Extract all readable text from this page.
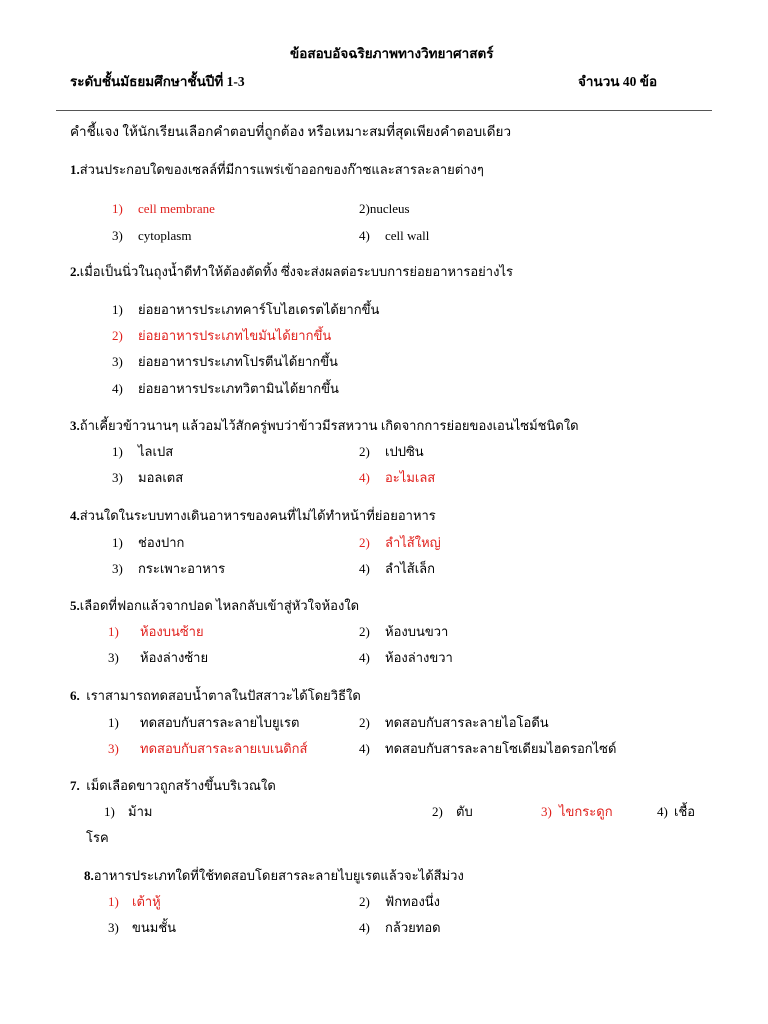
ข้อสอบอัจฉริยภาพทางวิทยาศาสตร์
ระดับชั้นมัธยมศึกษาชั้นปีที่ 1-3	จำนวน 40 ข้อ
คำชี้แจง ให้นักเรียนเลือกคำตอบที่ถูกต้อง หรือเหมาะสมที่สุดเพียงคำตอบเดียว
1.ส่วนประกอบใดของเซลล์ที่มีการแพร่เข้าออกของก๊าซและสารละลายต่างๆ
1) cell membrane	2)nucleus
3) cytoplasm	4) cell wall
2.เมื่อเป็นนิ่วในถุงน้ำดีทำให้ต้องตัดทิ้ง ซึ่งจะส่งผลต่อระบบการย่อยอาหารอย่างไร
1) ย่อยอาหารประเภทคาร์โบไฮเดรตได้ยากขึ้น
2) ย่อยอาหารประเภทไขมันได้ยากขึ้น
3) ย่อยอาหารประเภทโปรตีนได้ยากขึ้น
4) ย่อยอาหารประเภทวิตามินได้ยากขึ้น
3.ถ้าเคี้ยวข้าวนานๆ แล้วอมไว้สักครู่พบว่าข้าวมีรสหวาน เกิดจากการย่อยของเอนไซม์ชนิดใด
1) ไลเปส	2) เปปซิน
3) มอลเตส	4) อะไมเลส
4.ส่วนใดในระบบทางเดินอาหารของคนที่ไม่ได้ทำหน้าที่ย่อยอาหาร
1) ช่องปาก	2) ลำไส้ใหญ่
3) กระเพาะอาหาร	4) ลำไส้เล็ก
5.เลือดที่ฟอกแล้วจากปอด ไหลกลับเข้าสู่หัวใจห้องใด
1) ห้องบนซ้าย	2) ห้องบนขวา
3) ห้องล่างซ้าย	4) ห้องล่างขวา
6. เราสามารถทดสอบน้ำตาลในปัสสาวะได้โดยวิธีใด
1) ทดสอบกับสารละลายไบยูเรต	2) ทดสอบกับสารละลายไอโอดีน
3) ทดสอบกับสารละลายเบเนดิกส์	4) ทดสอบกับสารละลายโซเดียมไฮดรอกไซด์
7. เม็ดเลือดขาวถูกสร้างขึ้นบริเวณใด
1) ม้าม	2) ตับ	3) ไขกระดูก	4) เชื้อ
โรค
8.อาหารประเภทใดที่ใช้ทดสอบโดยสารละลายไบยูเรตแล้วจะได้สีม่วง
1) เต้าหู้	2) ฟักทองนึ่ง
3) ขนมชั้น	4) กล้วยทอด
